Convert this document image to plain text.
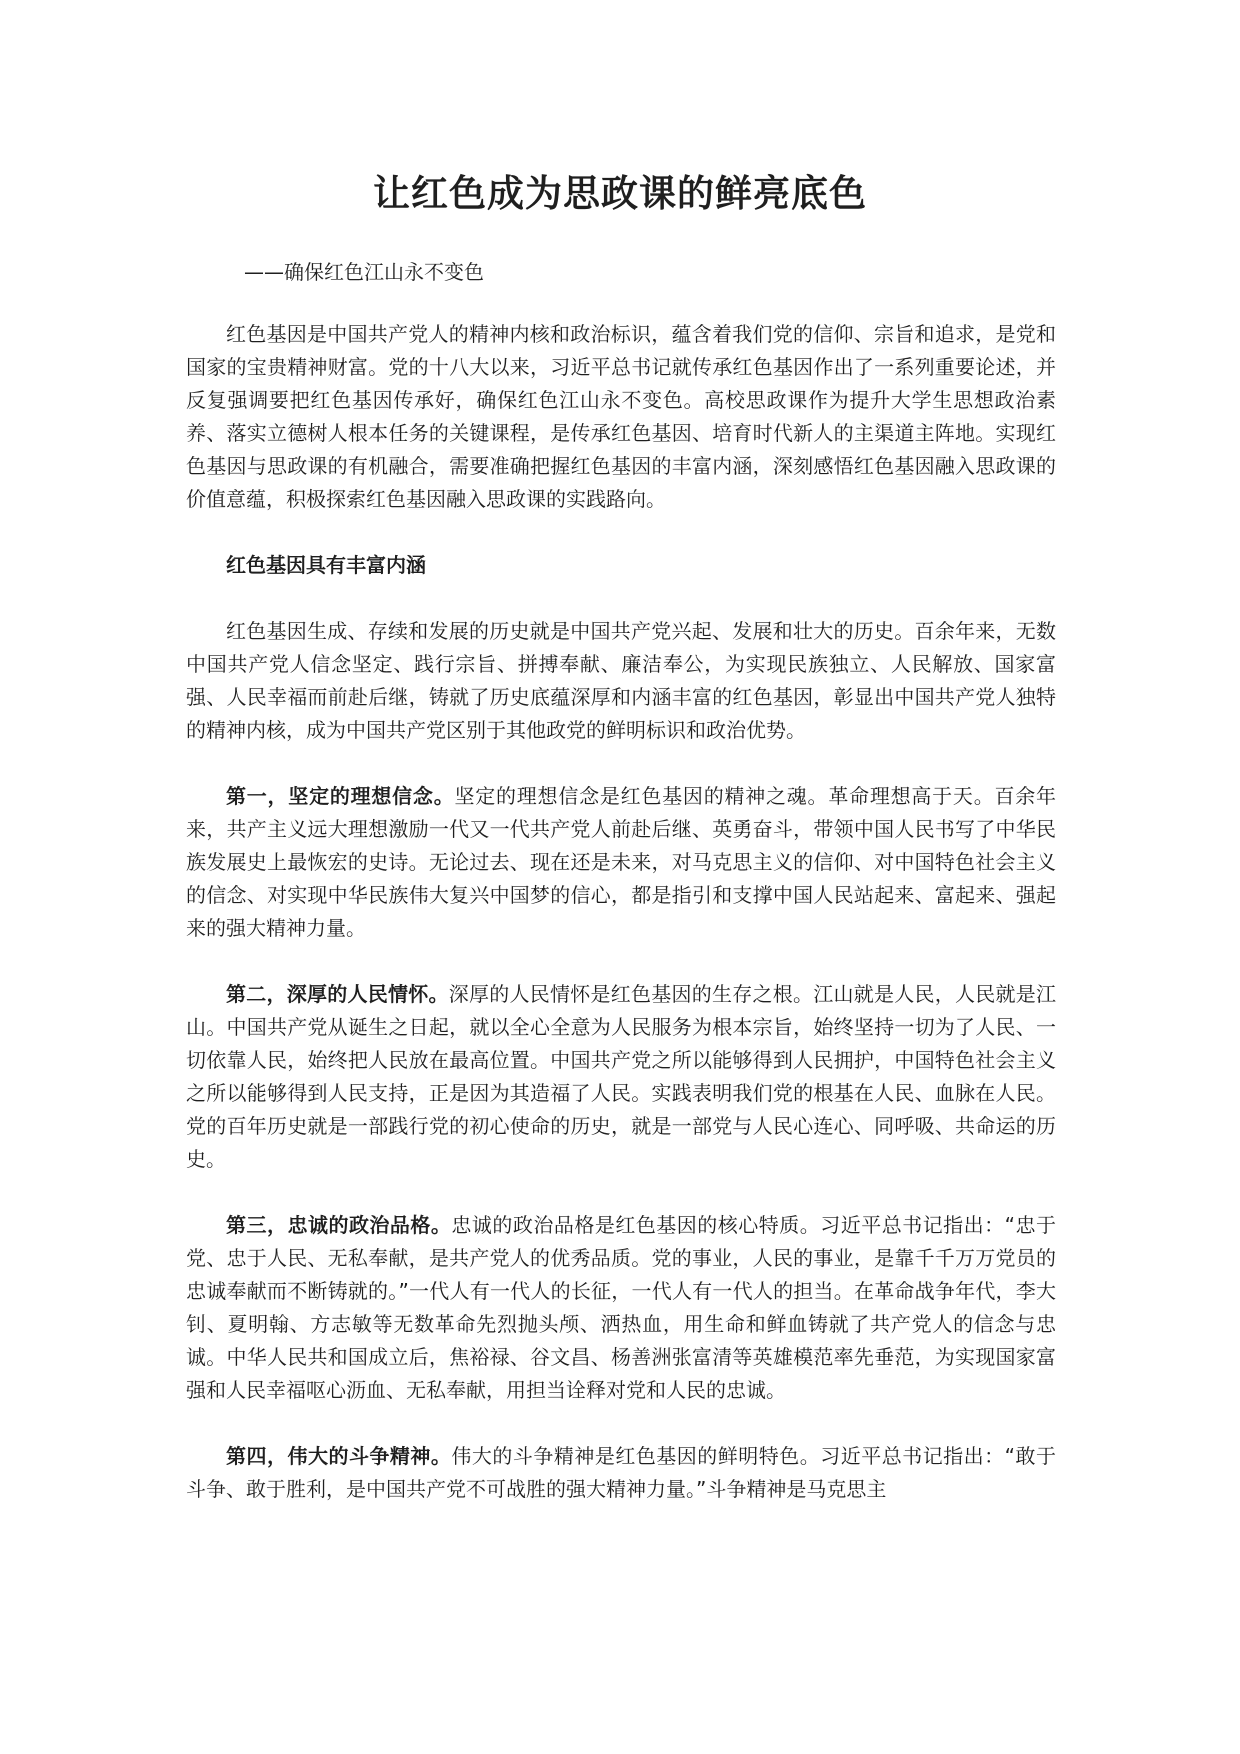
让红色成为思政课的鲜亮底色
——确保红色江山永不变色

红色基因是中国共产党人的精神内核和政治标识，蕴含着我们党的信仰、宗旨和追求，是党和国家的宝贵精神财富。党的十八大以来，习近平总书记就传承红色基因作出了一系列重要论述，并反复强调要把红色基因传承好，确保红色江山永不变色。高校思政课作为提升大学生思想政治素养、落实立德树人根本任务的关键课程，是传承红色基因、培育时代新人的主渠道主阵地。实现红色基因与思政课的有机融合，需要准确把握红色基因的丰富内涵，深刻感悟红色基因融入思政课的价值意蕴，积极探索红色基因融入思政课的实践路向。

红色基因具有丰富内涵

红色基因生成、存续和发展的历史就是中国共产党兴起、发展和壮大的历史。百余年来，无数中国共产党人信念坚定、践行宗旨、拼搏奉献、廉洁奉公，为实现民族独立、人民解放、国家富强、人民幸福而前赴后继，铸就了历史底蕴深厚和内涵丰富的红色基因，彰显出中国共产党人独特的精神内核，成为中国共产党区别于其他政党的鲜明标识和政治优势。

第一，坚定的理想信念。坚定的理想信念是红色基因的精神之魂。革命理想高于天。百余年来，共产主义远大理想激励一代又一代共产党人前赴后继、英勇奋斗，带领中国人民书写了中华民族发展史上最恢宏的史诗。无论过去、现在还是未来，对马克思主义的信仰、对中国特色社会主义的信念、对实现中华民族伟大复兴中国梦的信心，都是指引和支撑中国人民站起来、富起来、强起来的强大精神力量。

第二，深厚的人民情怀。深厚的人民情怀是红色基因的生存之根。江山就是人民，人民就是江山。中国共产党从诞生之日起，就以全心全意为人民服务为根本宗旨，始终坚持一切为了人民、一切依靠人民，始终把人民放在最高位置。中国共产党之所以能够得到人民拥护，中国特色社会主义之所以能够得到人民支持，正是因为其造福了人民。实践表明我们党的根基在人民、血脉在人民。党的百年历史就是一部践行党的初心使命的历史，就是一部党与人民心连心、同呼吸、共命运的历史。

第三，忠诚的政治品格。忠诚的政治品格是红色基因的核心特质。习近平总书记指出：“忠于党、忠于人民、无私奉献，是共产党人的优秀品质。党的事业，人民的事业，是靠千千万万党员的忠诚奉献而不断铸就的。”一代人有一代人的长征，一代人有一代人的担当。在革命战争年代，李大钊、夏明翰、方志敏等无数革命先烈抛头颅、洒热血，用生命和鲜血铸就了共产党人的信念与忠诚。中华人民共和国成立后，焦裕禄、谷文昌、杨善洲张富清等英雄模范率先垂范，为实现国家富强和人民幸福呕心沥血、无私奉献，用担当诠释对党和人民的忠诚。

第四，伟大的斗争精神。伟大的斗争精神是红色基因的鲜明特色。习近平总书记指出：“敢于斗争、敢于胜利，是中国共产党不可战胜的强大精神力量。”斗争精神是马克思主
